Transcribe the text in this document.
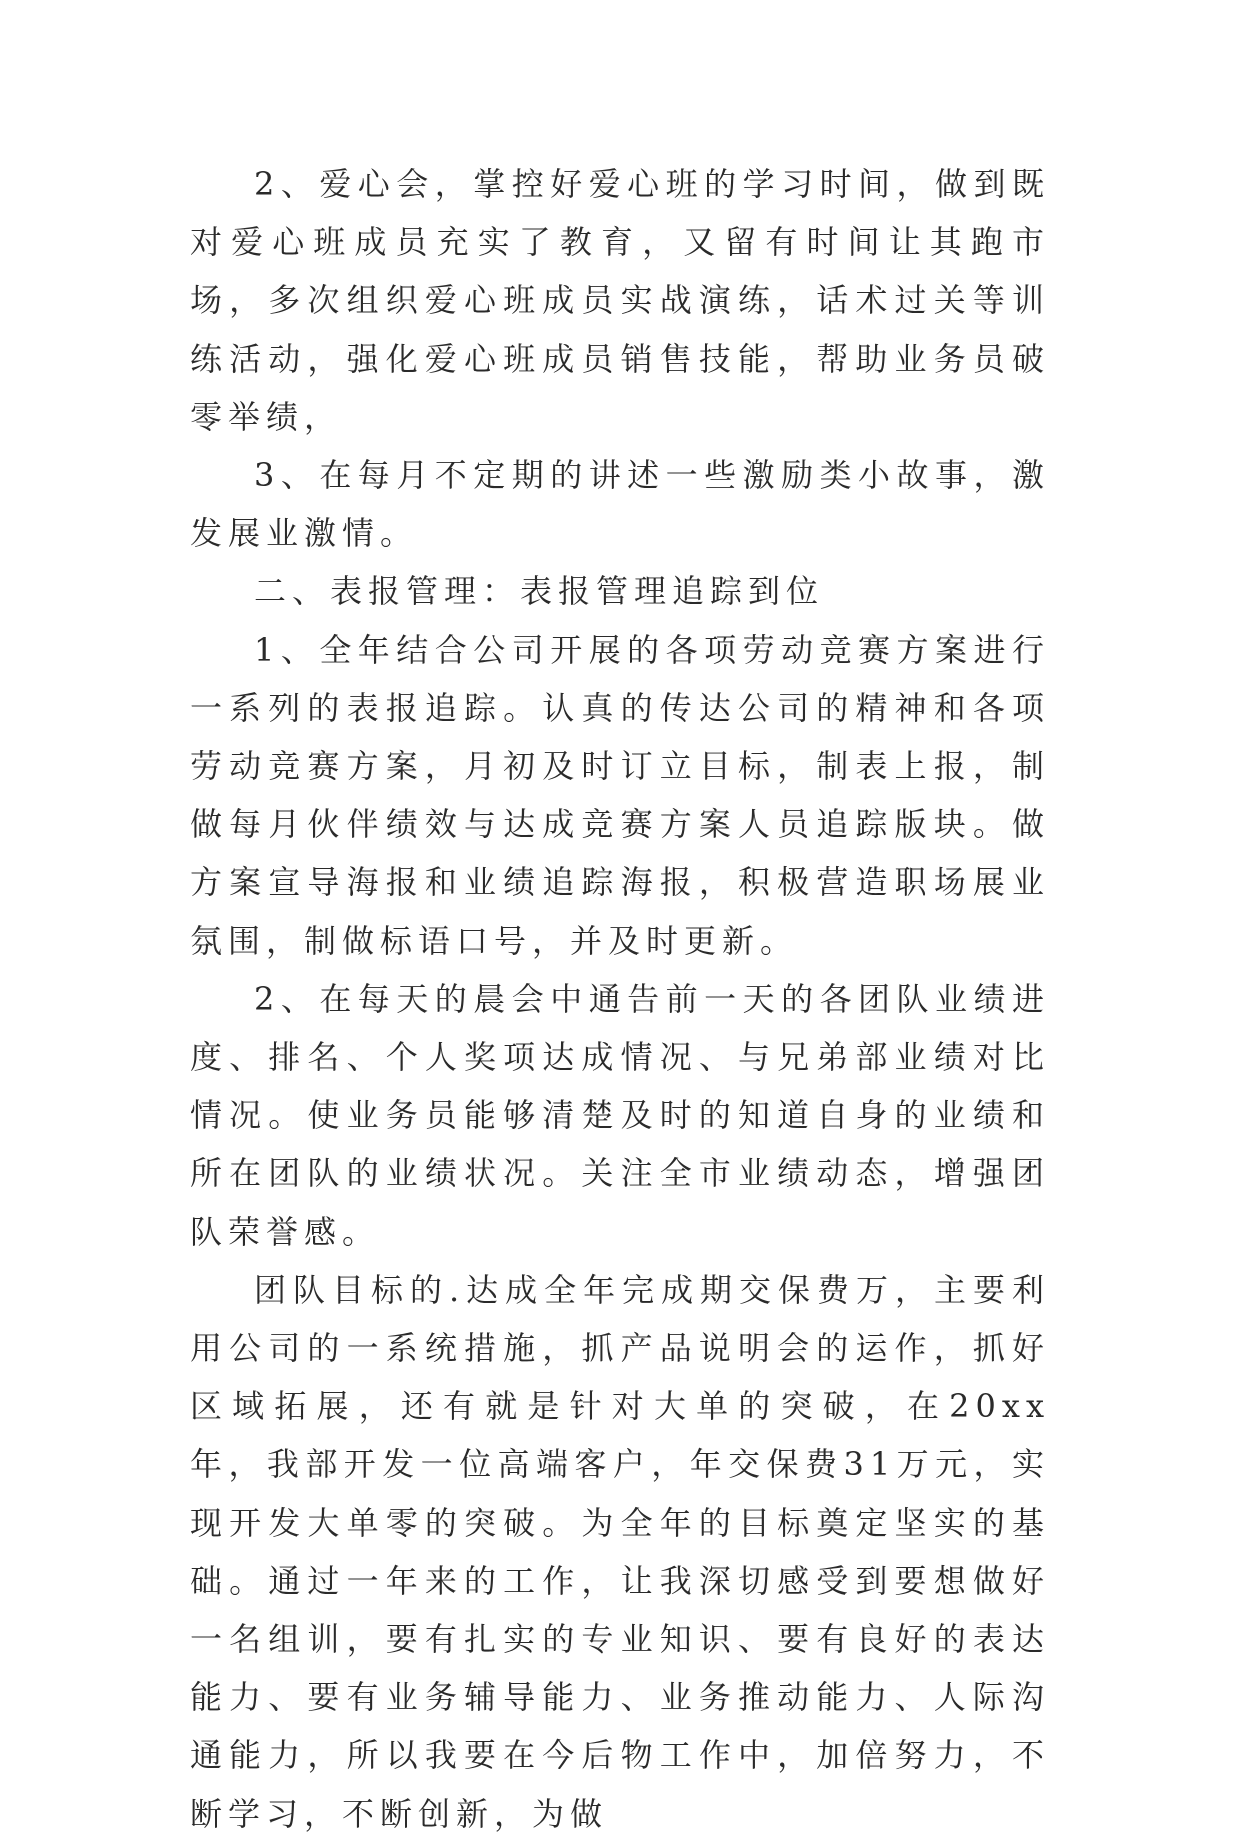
2、爱心会，掌控好爱心班的学习时间，做到既对爱心班成员充实了教育，又留有时间让其跑市场，多次组织爱心班成员实战演练，话术过关等训练活动，强化爱心班成员销售技能，帮助业务员破零举绩，

3、在每月不定期的讲述一些激励类小故事，激发展业激情。

二、表报管理：表报管理追踪到位

1、全年结合公司开展的各项劳动竞赛方案进行一系列的表报追踪。认真的传达公司的精神和各项劳动竞赛方案，月初及时订立目标，制表上报，制做每月伙伴绩效与达成竞赛方案人员追踪版块。做方案宣导海报和业绩追踪海报，积极营造职场展业氛围，制做标语口号，并及时更新。

2、在每天的晨会中通告前一天的各团队业绩进度、排名、个人奖项达成情况、与兄弟部业绩对比情况。使业务员能够清楚及时的知道自身的业绩和所在团队的业绩状况。关注全市业绩动态，增强团队荣誉感。

团队目标的.达成全年完成期交保费万，主要利用公司的一系统措施，抓产品说明会的运作，抓好区域拓展，还有就是针对大单的突破，在20xx年，我部开发一位高端客户，年交保费31万元，实现开发大单零的突破。为全年的目标奠定坚实的基础。通过一年来的工作，让我深切感受到要想做好一名组训，要有扎实的专业知识、要有良好的表达能力、要有业务辅导能力、业务推动能力、人际沟通能力，所以我要在今后物工作中，加倍努力，不断学习，不断创新，为做
